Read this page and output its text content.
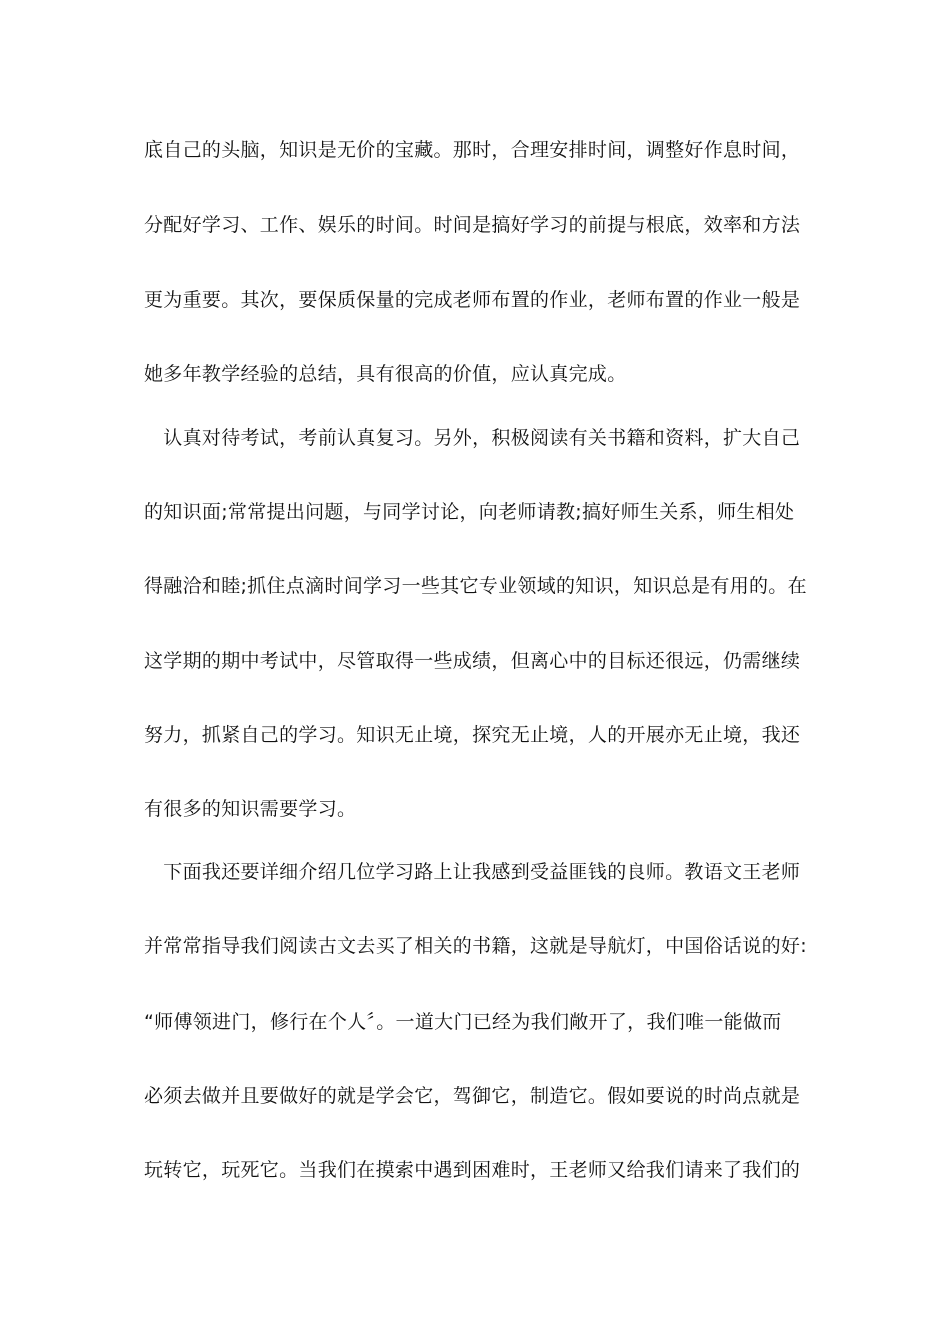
底自己的头脑，知识是无价的宝藏。那时，合理安排时间，调整好作息时间，

分配好学习、工作、娱乐的时间。时间是搞好学习的前提与根底，效率和方法

更为重要。其次，要保质保量的完成老师布置的作业，老师布置的作业一般是

她多年教学经验的总结，具有很高的价值，应认真完成。

　认真对待考试，考前认真复习。另外，积极阅读有关书籍和资料，扩大自己

的知识面;常常提出问题，与同学讨论，向老师请教;搞好师生关系，师生相处

得融洽和睦;抓住点滴时间学习一些其它专业领域的知识，知识总是有用的。在

这学期的期中考试中，尽管取得一些成绩，但离心中的目标还很远，仍需继续

努力，抓紧自己的学习。知识无止境，探究无止境，人的开展亦无止境，我还

有很多的知识需要学习。

　下面我还要详细介绍几位学习路上让我感到受益匪钱的良师。教语文王老师

并常常指导我们阅读古文去买了相关的书籍，这就是导航灯，中国俗话说的好:

“师傅领进门，修行在个人〞。一道大门已经为我们敞开了，我们唯一能做而

必须去做并且要做好的就是学会它，驾御它，制造它。假如要说的时尚点就是

玩转它，玩死它。当我们在摸索中遇到困难时，王老师又给我们请来了我们的
